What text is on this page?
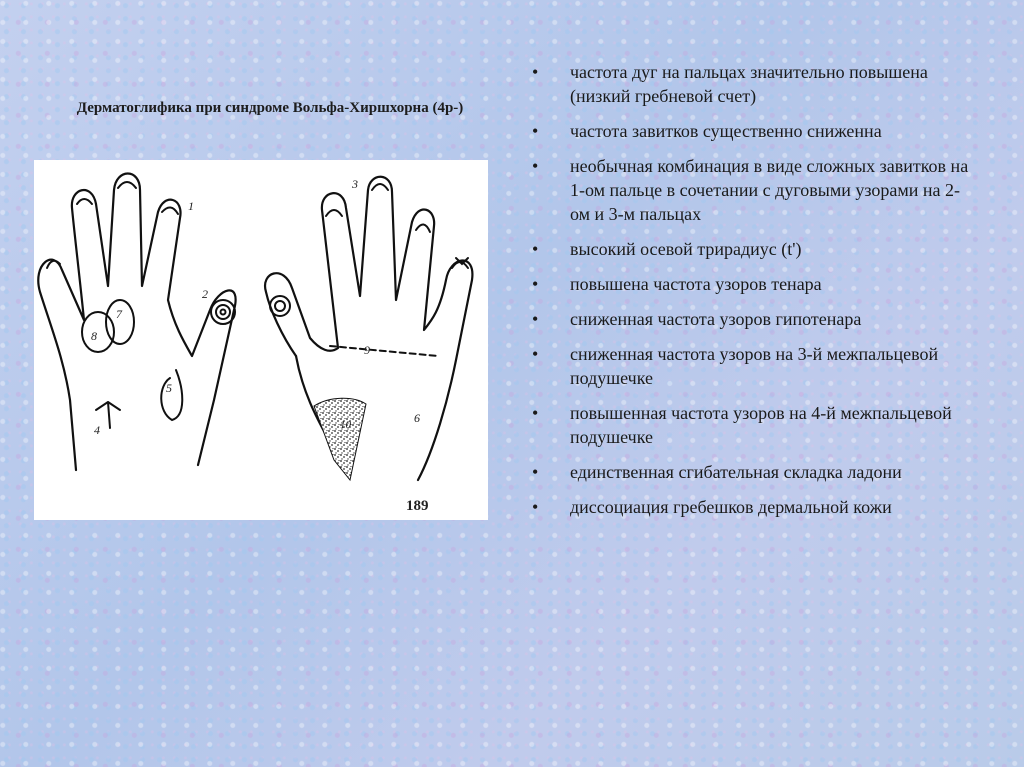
Дерматоглифика при синдроме Вольфа-Хиршхорна (4р-)
1
2
3
4
5
6
7
8
9
10
189
•	частота дуг на пальцах значительно повышена (низкий гребневой счет)
•	частота завитков существенно сниженна
•	необычная комбинация в виде сложных завитков на 1-ом пальце в сочетании с дуговыми узорами на 2-ом и 3-м пальцах
•	высокий осевой трирадиус (t')
•	повышена частота узоров тенара
•	сниженная частота узоров гипотенара
•	сниженная частота узоров на 3-й межпальцевой подушечке
•	повышенная частота узоров на 4-й межпальцевой подушечке
•	единственная сгибательная складка ладони
•	диссоциация гребешков дермальной кожи
